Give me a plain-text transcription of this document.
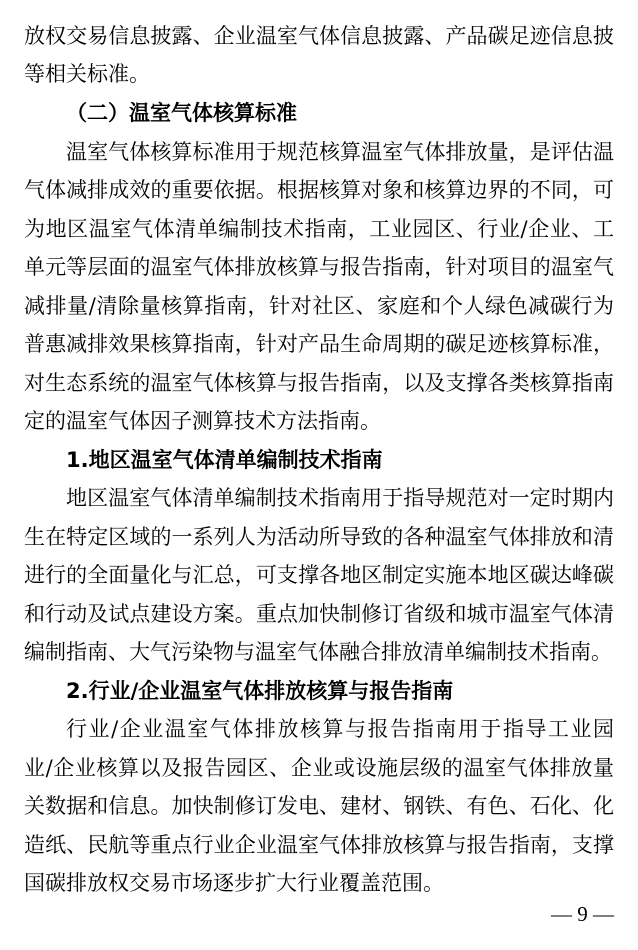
放权交易信息披露、企业温室气体信息披露、产品碳足迹信息披
等相关标准。
（二）温室气体核算标准
温室气体核算标准用于规范核算温室气体排放量，是评估温
气体减排成效的重要依据。根据核算对象和核算边界的不同，可
为地区温室气体清单编制技术指南，工业园区、行业/企业、工
单元等层面的温室气体排放核算与报告指南，针对项目的温室气
减排量/清除量核算指南，针对社区、家庭和个人绿色减碳行为
普惠减排效果核算指南，针对产品生命周期的碳足迹核算标准，
对生态系统的温室气体核算与报告指南，以及支撑各类核算指南
定的温室气体因子测算技术方法指南。
1.地区温室气体清单编制技术指南
地区温室气体清单编制技术指南用于指导规范对一定时期内
生在特定区域的一系列人为活动所导致的各种温室气体排放和清
进行的全面量化与汇总，可支撑各地区制定实施本地区碳达峰碳
和行动及试点建设方案。重点加快制修订省级和城市温室气体清
编制指南、大气污染物与温室气体融合排放清单编制技术指南。
2.行业/企业温室气体排放核算与报告指南
行业/企业温室气体排放核算与报告指南用于指导工业园
业/企业核算以及报告园区、企业或设施层级的温室气体排放量
关数据和信息。加快制修订发电、建材、钢铁、有色、石化、化
造纸、民航等重点行业企业温室气体排放核算与报告指南，支撑
国碳排放权交易市场逐步扩大行业覆盖范围。
— 9 —
